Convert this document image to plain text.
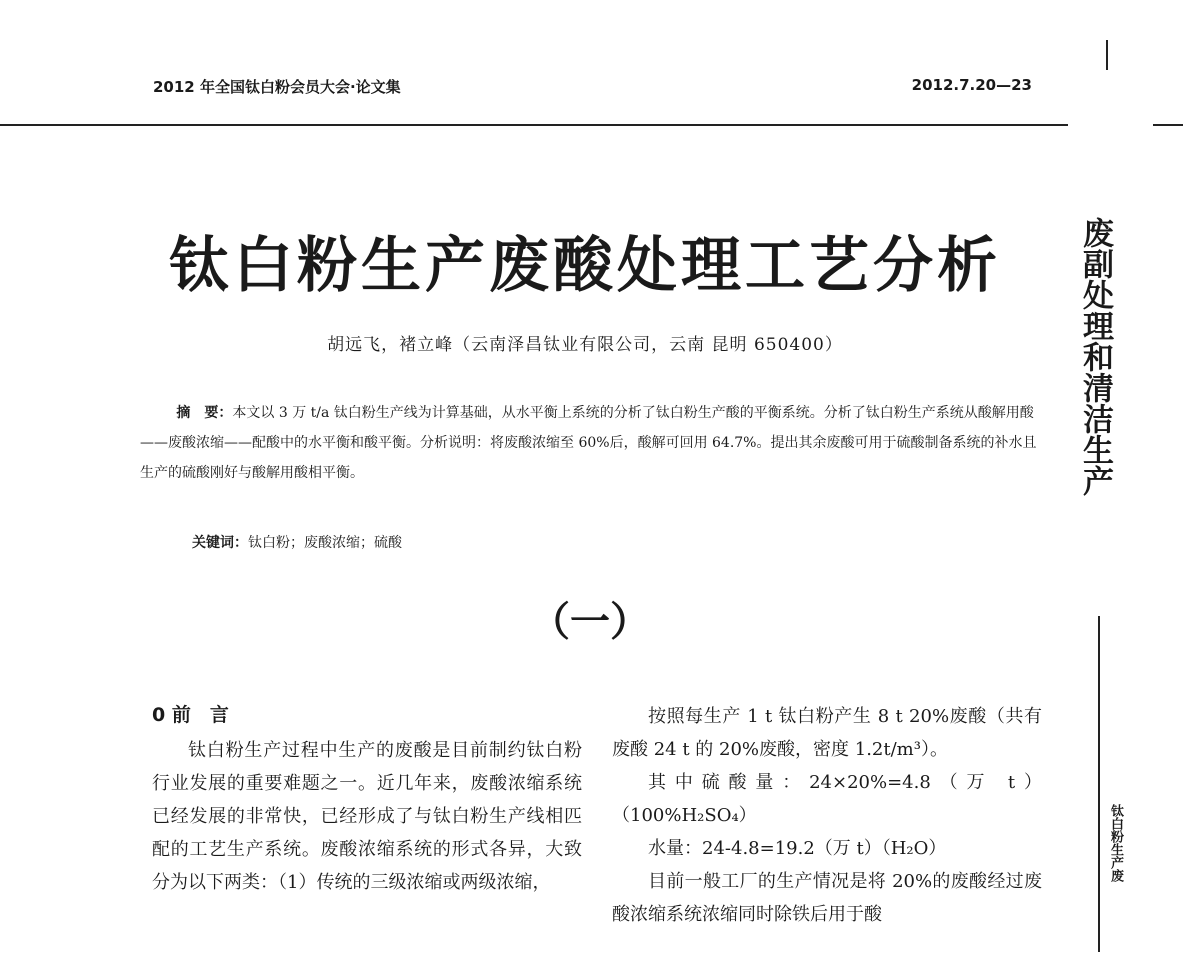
2012 年全国钛白粉会员大会·论文集	2012.7.20—23
废副处理和清洁生产
钛白粉生产废
钛白粉生产废酸处理工艺分析
胡远飞，褚立峰（云南泽昌钛业有限公司，云南 昆明 650400）

摘　要：本文以 3 万 t/a 钛白粉生产线为计算基础，从水平衡上系统的分析了钛白粉生产酸的平衡系统。分析了钛白粉生产系统从酸解用酸——废酸浓缩——配酸中的水平衡和酸平衡。分析说明：将废酸浓缩至 60%后，酸解可回用 64.7%。提出其余废酸可用于硫酸制备系统的补水且生产的硫酸刚好与酸解用酸相平衡。

关键词：钛白粉；废酸浓缩；硫酸
（一）
0 前　言

钛白粉生产过程中生产的废酸是目前制约钛白粉行业发展的重要难题之一。近几年来，废酸浓缩系统已经发展的非常快，已经形成了与钛白粉生产线相匹配的工艺生产系统。废酸浓缩系统的形式各异，大致分为以下两类：（1）传统的三级浓缩或两级浓缩，

按照每生产 1 t 钛白粉产生 8 t 20%废酸（共有废酸 24 t 的 20%废酸，密度 1.2t/m³）。

其中硫酸量：24×20%=4.8（万 t）（100%H₂SO₄）

水量：24-4.8=19.2（万 t）（H₂O）

目前一般工厂的生产情况是将 20%的废酸经过废酸浓缩系统浓缩同时除铁后用于酸
